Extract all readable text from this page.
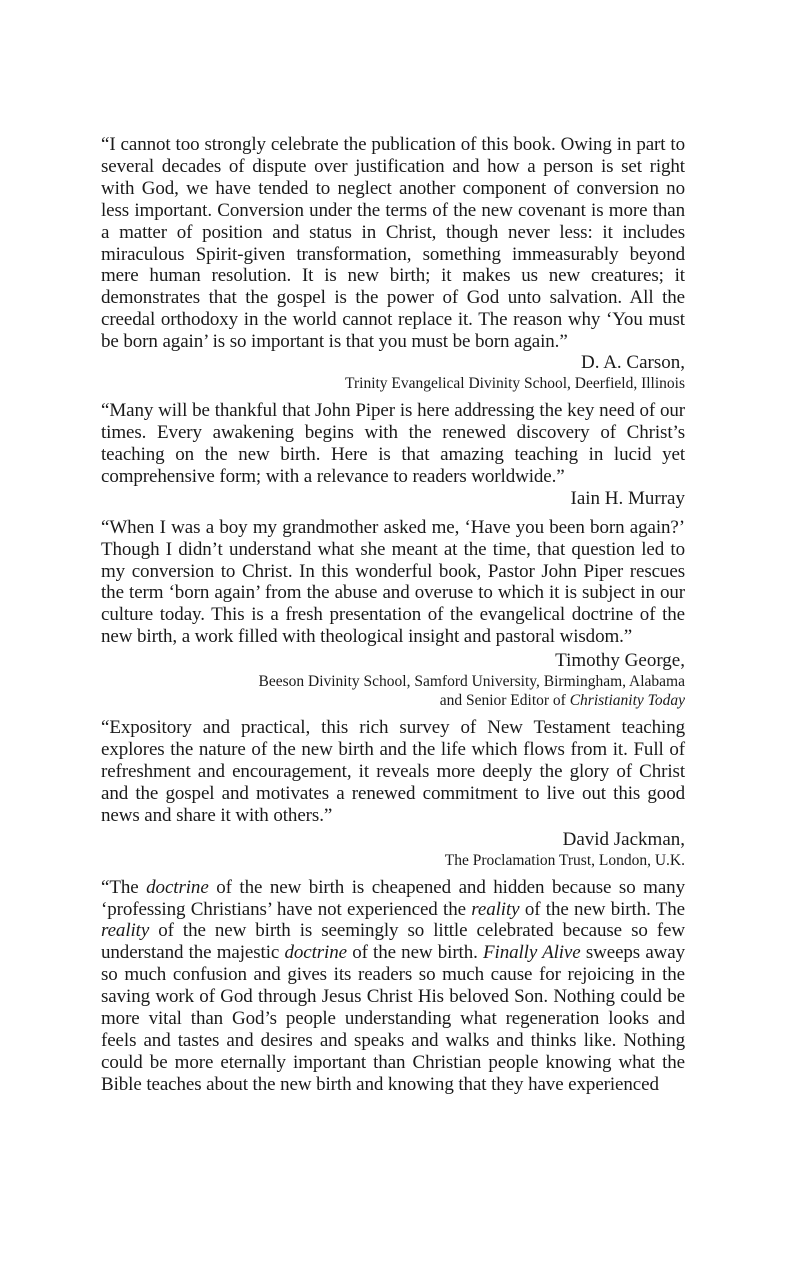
“I cannot too strongly celebrate the publication of this book. Owing in part to several decades of dispute over justification and how a person is set right with God, we have tended to neglect another component of conversion no less important. Conversion under the terms of the new covenant is more than a matter of position and status in Christ, though never less: it includes miraculous Spirit-given transformation, something immeasurably beyond mere human resolution. It is new birth; it makes us new creatures; it demonstrates that the gospel is the power of God unto salvation. All the creedal orthodoxy in the world cannot replace it. The reason why ‘You must be born again’ is so important is that you must be born again.”

D. A. Carson,

Trinity Evangelical Divinity School, Deerfield, Illinois

“Many will be thankful that John Piper is here addressing the key need of our times. Every awakening begins with the renewed discovery of Christ’s teaching on the new birth. Here is that amazing teaching in lucid yet comprehensive form; with a relevance to readers worldwide.”

Iain H. Murray

“When I was a boy my grandmother asked me, ‘Have you been born again?’ Though I didn’t understand what she meant at the time, that question led to my conversion to Christ. In this wonderful book, Pastor John Piper rescues the term ‘born again’ from the abuse and overuse to which it is subject in our culture today. This is a fresh presentation of the evangelical doctrine of the new birth, a work filled with theological insight and pastoral wisdom.”

Timothy George,

Beeson Divinity School, Samford University, Birmingham, Alabama

and Senior Editor of Christianity Today

“Expository and practical, this rich survey of New Testament teaching explores the nature of the new birth and the life which flows from it. Full of refreshment and encouragement, it reveals more deeply the glory of Christ and the gospel and motivates a renewed commitment to live out this good news and share it with others.”

David Jackman,

The Proclamation Trust, London, U.K.

“The doctrine of the new birth is cheapened and hidden because so many ‘professing Christians’ have not experienced the reality of the new birth. The reality of the new birth is seemingly so little celebrated because so few understand the majestic doctrine of the new birth. Finally Alive sweeps away so much confusion and gives its readers so much cause for rejoicing in the saving work of God through Jesus Christ His beloved Son. Nothing could be more vital than God’s people understanding what regeneration looks and feels and tastes and desires and speaks and walks and thinks like. Nothing could be more eternally important than Christian people knowing what the Bible teaches about the new birth and knowing that they have experienced
